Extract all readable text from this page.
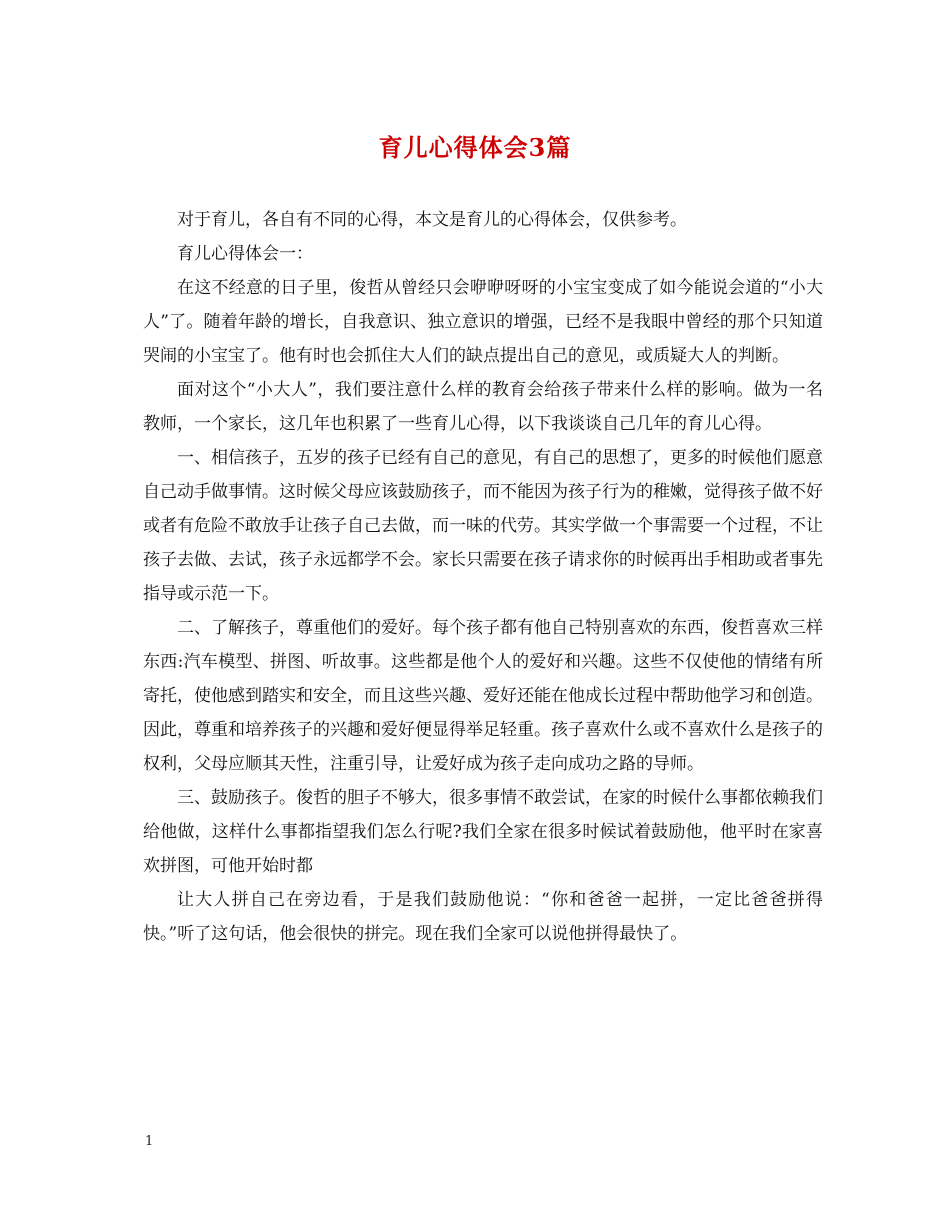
育儿心得体会3篇

对于育儿，各自有不同的心得，本文是育儿的心得体会，仅供参考。

育儿心得体会一：

在这不经意的日子里，俊哲从曾经只会咿咿呀呀的小宝宝变成了如今能说会道的“小大人”了。随着年龄的增长，自我意识、独立意识的增强，已经不是我眼中曾经的那个只知道哭闹的小宝宝了。他有时也会抓住大人们的缺点提出自己的意见，或质疑大人的判断。

面对这个“小大人”，我们要注意什么样的教育会给孩子带来什么样的影响。做为一名教师，一个家长，这几年也积累了一些育儿心得，以下我谈谈自己几年的育儿心得。

一、相信孩子，五岁的孩子已经有自己的意见，有自己的思想了，更多的时候他们愿意自己动手做事情。这时候父母应该鼓励孩子，而不能因为孩子行为的稚嫩，觉得孩子做不好或者有危险不敢放手让孩子自己去做，而一味的代劳。其实学做一个事需要一个过程，不让孩子去做、去试，孩子永远都学不会。家长只需要在孩子请求你的时候再出手相助或者事先指导或示范一下。

二、了解孩子，尊重他们的爱好。每个孩子都有他自己特别喜欢的东西，俊哲喜欢三样东西:汽车模型、拼图、听故事。这些都是他个人的爱好和兴趣。这些不仅使他的情绪有所寄托，使他感到踏实和安全，而且这些兴趣、爱好还能在他成长过程中帮助他学习和创造。因此，尊重和培养孩子的兴趣和爱好便显得举足轻重。孩子喜欢什么或不喜欢什么是孩子的权利，父母应顺其天性，注重引导，让爱好成为孩子走向成功之路的导师。

三、鼓励孩子。俊哲的胆子不够大，很多事情不敢尝试，在家的时候什么事都依赖我们给他做，这样什么事都指望我们怎么行呢?我们全家在很多时候试着鼓励他，他平时在家喜欢拼图，可他开始时都

让大人拼自己在旁边看，于是我们鼓励他说：“你和爸爸一起拼，一定比爸爸拼得快。”听了这句话，他会很快的拼完。现在我们全家可以说他拼得最快了。

1
